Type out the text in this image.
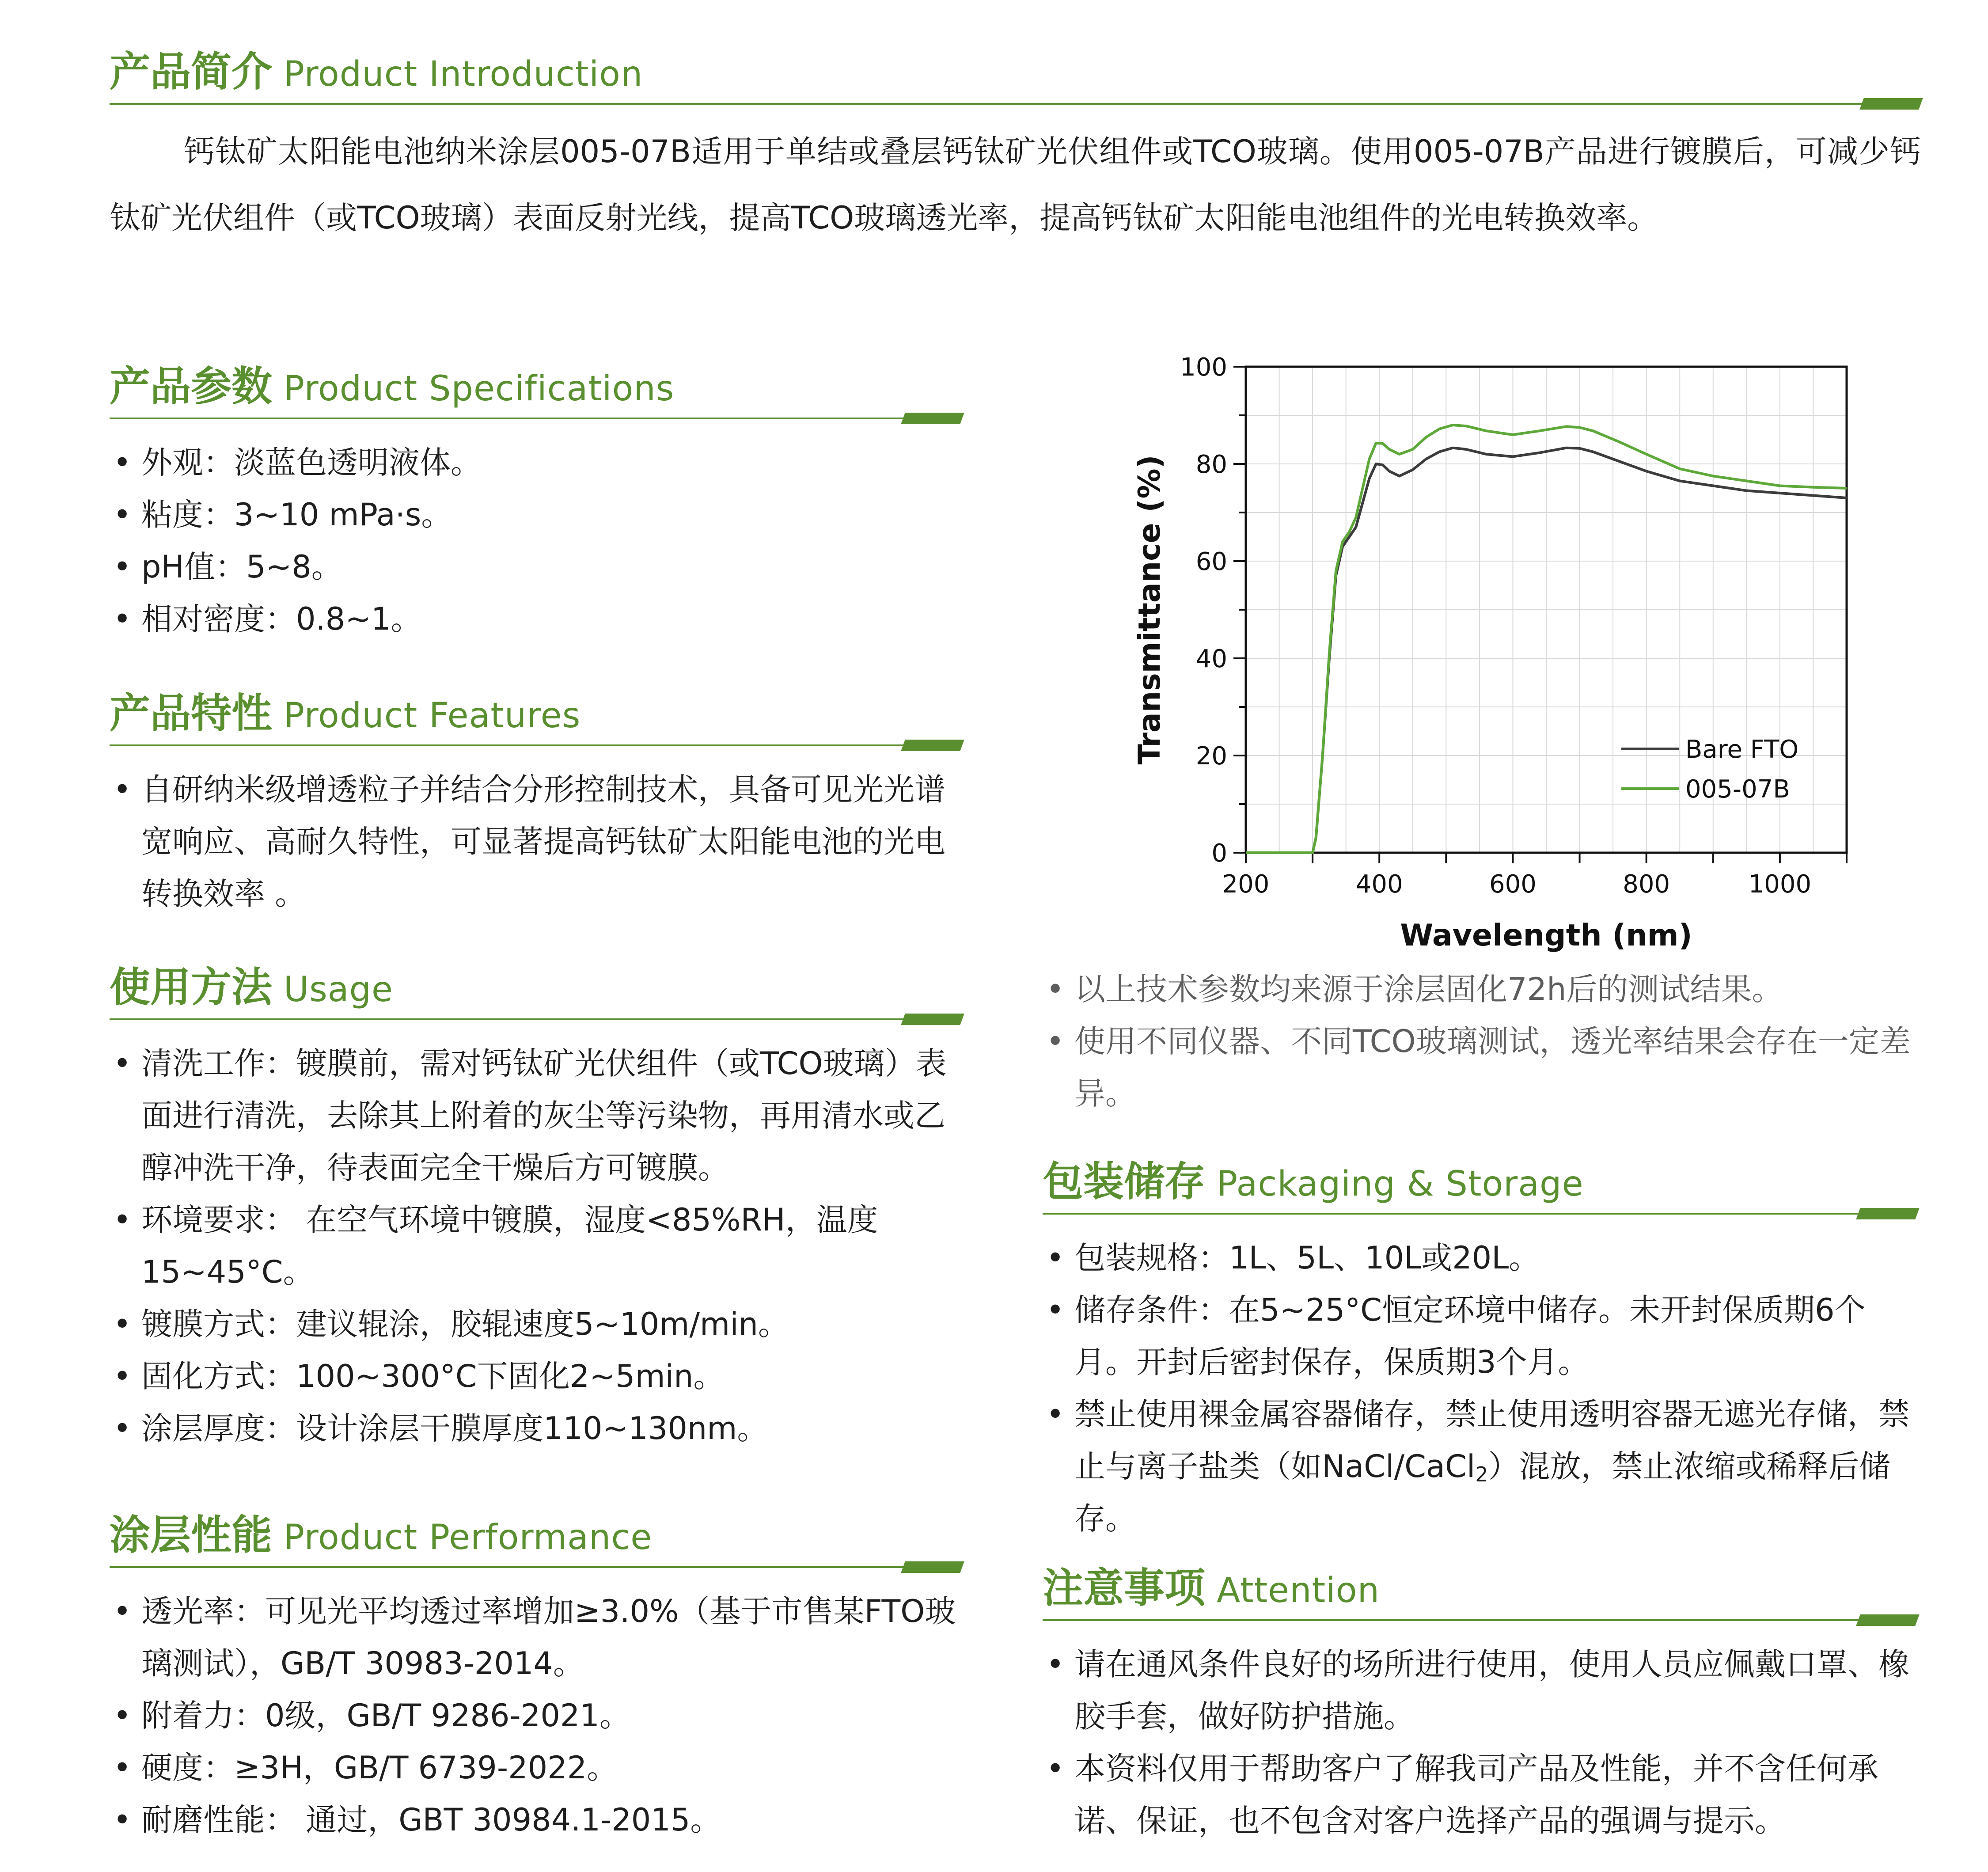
产品简介 Product Introduction

钙钛矿太阳能电池纳米涂层005-07B适用于单结或叠层钙钛矿光伏组件或TCO玻璃。使用005-07B产品进行镀膜后，可减少钙钛矿光伏组件（或TCO玻璃）表面反射光线，提高TCO玻璃透光率，提高钙钛矿太阳能电池组件的光电转换效率。

产品参数 Product Specifications
• 外观：淡蓝色透明液体。
• 粘度：3~10 mPa·s。
• pH值：5~8。
• 相对密度：0.8~1。
产品特性 Product Features
• 自研纳米级增透粒子并结合分形控制技术，具备可见光光谱宽响应、高耐久特性，可显著提高钙钛矿太阳能电池的光电转换效率 。
使用方法 Usage
• 清洗工作：镀膜前，需对钙钛矿光伏组件（或TCO玻璃）表面进行清洗，去除其上附着的灰尘等污染物，再用清水或乙醇冲洗干净，待表面完全干燥后方可镀膜。
• 环境要求： 在空气环境中镀膜，湿度<85%RH，温度15~45°C。
• 镀膜方式：建议辊涂，胶辊速度5~10m/min。
• 固化方式：100~300°C下固化2~5min。
• 涂层厚度：设计涂层干膜厚度110~130nm。
涂层性能 Product Performance
• 透光率：可见光平均透过率增加≥3.0%（基于市售某FTO玻璃测试），GB/T 30983-2014。
• 附着力：0级，GB/T 9286-2021。
• 硬度：≥3H，GB/T 6739-2022。
• 耐磨性能： 通过，GBT 30984.1-2015。
200	400	600	800	1000
0
20
40
60
80
100
Wavelength (nm)
Transmittance (%)	Bare FTO
005-07B
• 以上技术参数均来源于涂层固化72h后的测试结果。
• 使用不同仪器、不同TCO玻璃测试，透光率结果会存在一定差异。
包装储存 Packaging & Storage
• 包装规格：1L、5L、10L或20L。
• 储存条件：在5~25°C恒定环境中储存。未开封保质期6个月。开封后密封保存，保质期3个月。
• 禁止使用裸金属容器储存，禁止使用透明容器无遮光存储，禁止与离子盐类（如NaCl/CaCl$_2$）混放，禁止浓缩或稀释后储存。
注意事项 Attention
• 请在通风条件良好的场所进行使用，使用人员应佩戴口罩、橡胶手套，做好防护措施。
• 本资料仅用于帮助客户了解我司产品及性能，并不含任何承诺、保证，也不包含对客户选择产品的强调与提示。
